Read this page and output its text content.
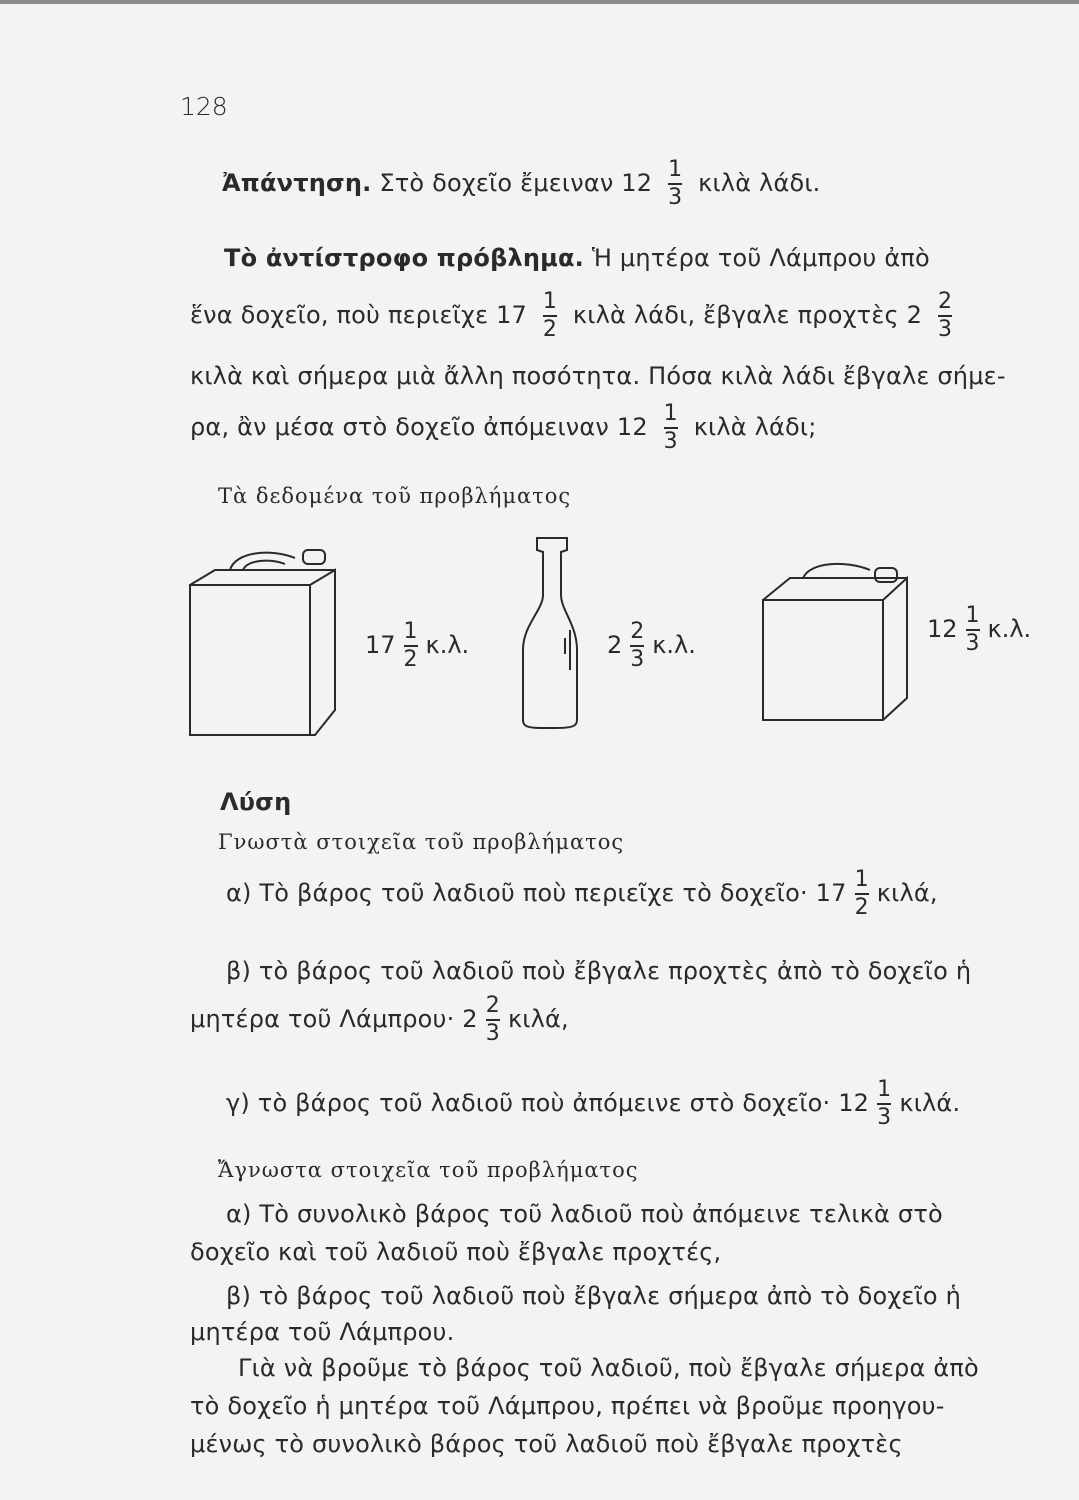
128
Ἀπάντηση. Στὸ δοχεῖο ἔμειναν $12 \frac{1}{3}$ κιλὰ λάδι.
Τὸ ἀντίστροφο πρόβλημα. Ἡ μητέρα τοῦ Λάμπρου ἀπὸ
ἕνα δοχεῖο, ποὺ περιεῖχε $17 \frac{1}{2}$ κιλὰ λάδι, ἔβγαλε προχτὲς $2 \frac{2}{3}$
κιλὰ καὶ σήμερα μιὰ ἄλλη ποσότητα. Πόσα κιλὰ λάδι ἔβγαλε σήμε-
ρα, ἂν μέσα στὸ δοχεῖο ἀπόμειναν $12 \frac{1}{3}$ κιλὰ λάδι;
Τὰ δεδομένα τοῦ προβλήματος
$17 \frac{1}{2} \kappa.\lambda$.	$2 \frac{2}{3} \kappa.\lambda$.
$12 \frac{1}{3} \kappa.\lambda$.
Λύση
Γνωστὰ στοιχεῖα τοῦ προβλήματος
α) Τὸ βάρος τοῦ λαδιοῦ ποὺ περιεῖχε τὸ δοχεῖο· $17 \frac{1}{2} \kappa\iota\lambda ά$,
β) τὸ βάρος τοῦ λαδιοῦ ποὺ ἔβγαλε προχτὲς ἀπὸ τὸ δοχεῖο ἡ
μητέρα τοῦ $\Lambda ά\mu\pi\rho o\upsilon\cdot 2 \frac{2}{3} \kappa\iota\lambda ά$,
γ) τὸ βάρος τοῦ λαδιοῦ ποὺ ἀπόμεινε στὸ δοχεῖο· $12 \frac{1}{3} \kappa\iota\lambda ά$.
Ἄγνωστα στοιχεῖα τοῦ προβλήματος
α) Τὸ συνολικὸ βάρος τοῦ λαδιοῦ ποὺ ἀπόμεινε τελικὰ στὸ
δοχεῖο καὶ τοῦ λαδιοῦ ποὺ ἔβγαλε προχτές,
β) τὸ βάρος τοῦ λαδιοῦ ποὺ ἔβγαλε σήμερα ἀπὸ τὸ δοχεῖο ἡ
μητέρα τοῦ Λάμπρου.
Γιὰ νὰ βροῦμε τὸ βάρος τοῦ λαδιοῦ, ποὺ ἔβγαλε σήμερα ἀπὸ
τὸ δοχεῖο ἡ μητέρα τοῦ Λάμπρου, πρέπει νὰ βροῦμε προηγου-
μένως τὸ συνολικὸ βάρος τοῦ λαδιοῦ ποὺ ἔβγαλε προχτὲς
